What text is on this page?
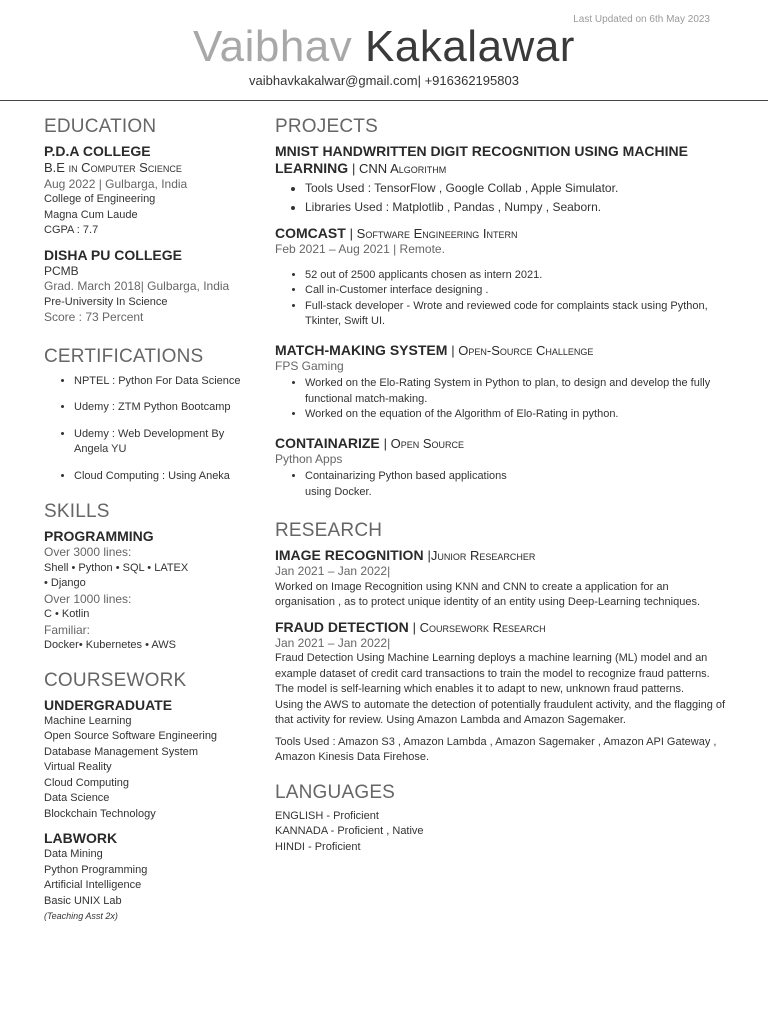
Last Updated on 6th May 2023
Vaibhav Kakalawar
vaibhavkakalwar@gmail.com| +916362195803
EDUCATION
P.D.A COLLEGE
B.E in Computer Science
Aug 2022 | Gulbarga, India
College of Engineering
Magna Cum Laude
CGPA : 7.7
DISHA PU COLLEGE
PCMB
Grad. March 2018| Gulbarga, India
Pre-University In Science
Score : 73 Percent
CERTIFICATIONS
• NPTEL : Python For Data Science
• Udemy : ZTM Python Bootcamp
• Udemy : Web Development By Angela YU
• Cloud Computing : Using Aneka
SKILLS
PROGRAMMING
Over 3000 lines:
Shell • Python • SQL • LATEX
• Django
Over 1000 lines:
C • Kotlin
Familiar:
Docker• Kubernetes • AWS
COURSEWORK
UNDERGRADUATE
Machine Learning
Open Source Software Engineering
Database Management System
Virtual Reality
Cloud Computing
Data Science
Blockchain Technology
LABWORK
Data Mining
Python Programming
Artificial Intelligence
Basic UNIX Lab
(Teaching Asst 2x)
PROJECTS
MNIST HANDWRITTEN DIGIT RECOGNITION USING MACHINE LEARNING | CNN Algorithm
• Tools Used : TensorFlow , Google Collab , Apple Simulator.
• Libraries Used : Matplotlib , Pandas , Numpy , Seaborn.
COMCAST | Software Engineering Intern
Feb 2021 – Aug 2021 | Remote.
• 52 out of 2500 applicants chosen as intern 2021.
• Call in-Customer interface designing .
• Full-stack developer - Wrote and reviewed code for complaints stack using Python, Tkinter, Swift UI.
MATCH-MAKING SYSTEM | Open-Source Challenge
FPS Gaming
• Worked on the Elo-Rating System in Python to plan, to design and develop the fully functional match-making.
• Worked on the equation of the Algorithm of Elo-Rating in python.
CONTAINARIZE | Open Source
Python Apps
• Containarizing Python based applications using Docker.
RESEARCH
IMAGE RECOGNITION |Junior Researcher
Jan 2021 – Jan 2022|
Worked on Image Recognition using KNN and CNN to create a application for an organisation , as to protect unique identity of an entity using Deep-Learning techniques.
FRAUD DETECTION | Coursework Research
Jan 2021 – Jan 2022|
Fraud Detection Using Machine Learning deploys a machine learning (ML) model and an example dataset of credit card transactions to train the model to recognize fraud patterns. The model is self-learning which enables it to adapt to new, unknown fraud patterns.
Using the AWS to automate the detection of potentially fraudulent activity, and the flagging of that activity for review. Using Amazon Lambda and Amazon Sagemaker.
Tools Used : Amazon S3 , Amazon Lambda , Amazon Sagemaker , Amazon API Gateway , Amazon Kinesis Data Firehose.
LANGUAGES
ENGLISH - Proficient
KANNADA - Proficient , Native
HINDI - Proficient
